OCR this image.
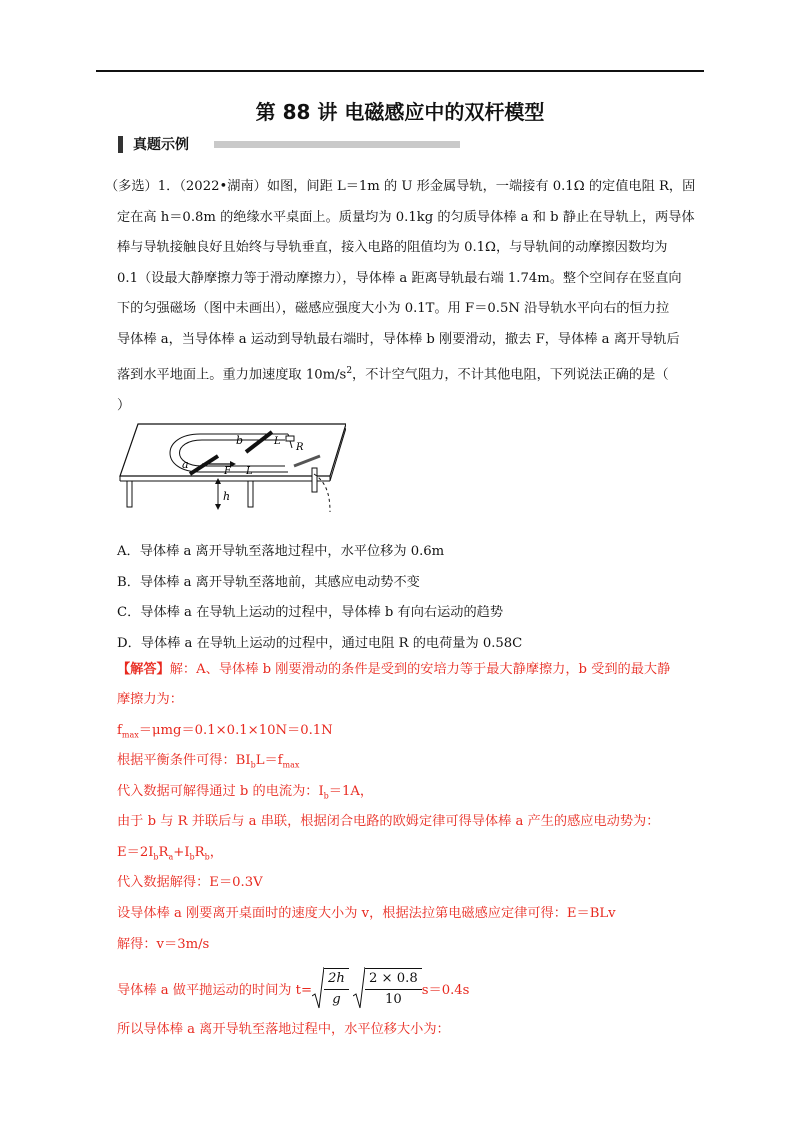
第 88 讲 电磁感应中的双杆模型
真题示例
（多选）1．（2022•湖南）如图，间距 L＝1m 的 U 形金属导轨，一端接有 0.1Ω 的定值电阻 R，固
定在高 h＝0.8m 的绝缘水平桌面上。质量均为 0.1kg 的匀质导体棒 a 和 b 静止在导轨上，两导体
棒与导轨接触良好且始终与导轨垂直，接入电路的阻值均为 0.1Ω，与导轨间的动摩擦因数均为
0.1（设最大静摩擦力等于滑动摩擦力），导体棒 a 距离导轨最右端 1.74m。整个空间存在竖直向
下的匀强磁场（图中未画出），磁感应强度大小为 0.1T。用 F＝0.5N 沿导轨水平向右的恒力拉
导体棒 a，当导体棒 a 运动到导轨最右端时，导体棒 b 刚要滑动，撤去 F，导体棒 a 离开导轨后
落到水平地面上。重力加速度取 $10m/s^2$，不计空气阻力，不计其他电阻，下列说法正确的是（
）
a
b
F L
L
R
h
A．导体棒 a 离开导轨至落地过程中，水平位移为 0.6m
B．导体棒 a 离开导轨至落地前，其感应电动势不变
C．导体棒 a 在导轨上运动的过程中，导体棒 b 有向右运动的趋势
D．导体棒 a 在导轨上运动的过程中，通过电阻 R 的电荷量为 0.58C
【解答】解：A、导体棒 b 刚要滑动的条件是受到的安培力等于最大静摩擦力，b 受到的最大静
摩擦力为：
$f_{max}=\mu mg=0.1\times 0.1\times 10N=0.1N$
根据平衡条件可得：$BI_bL=f_{max}$
代入数据可解得通过 b 的电流为：$I_b=1A$，
由于 b 与 R 并联后与 a 串联，根据闭合电路的欧姆定律可得导体棒 a 产生的感应电动势为：
$E=2I_bR_a+I_bR_b$，
代入数据解得：E＝0.3V
设导体棒 a 刚要离开桌面时的速度大小为 v，根据法拉第电磁感应定律可得：E＝BLv
解得：v＝3m/s
导体棒 a 做平抛运动的时间为 $t= \frac{2h}{g} \frac{2 \times 0.8}{10} s=0.4s$
所以导体棒 a 离开导轨至落地过程中，水平位移大小为：
